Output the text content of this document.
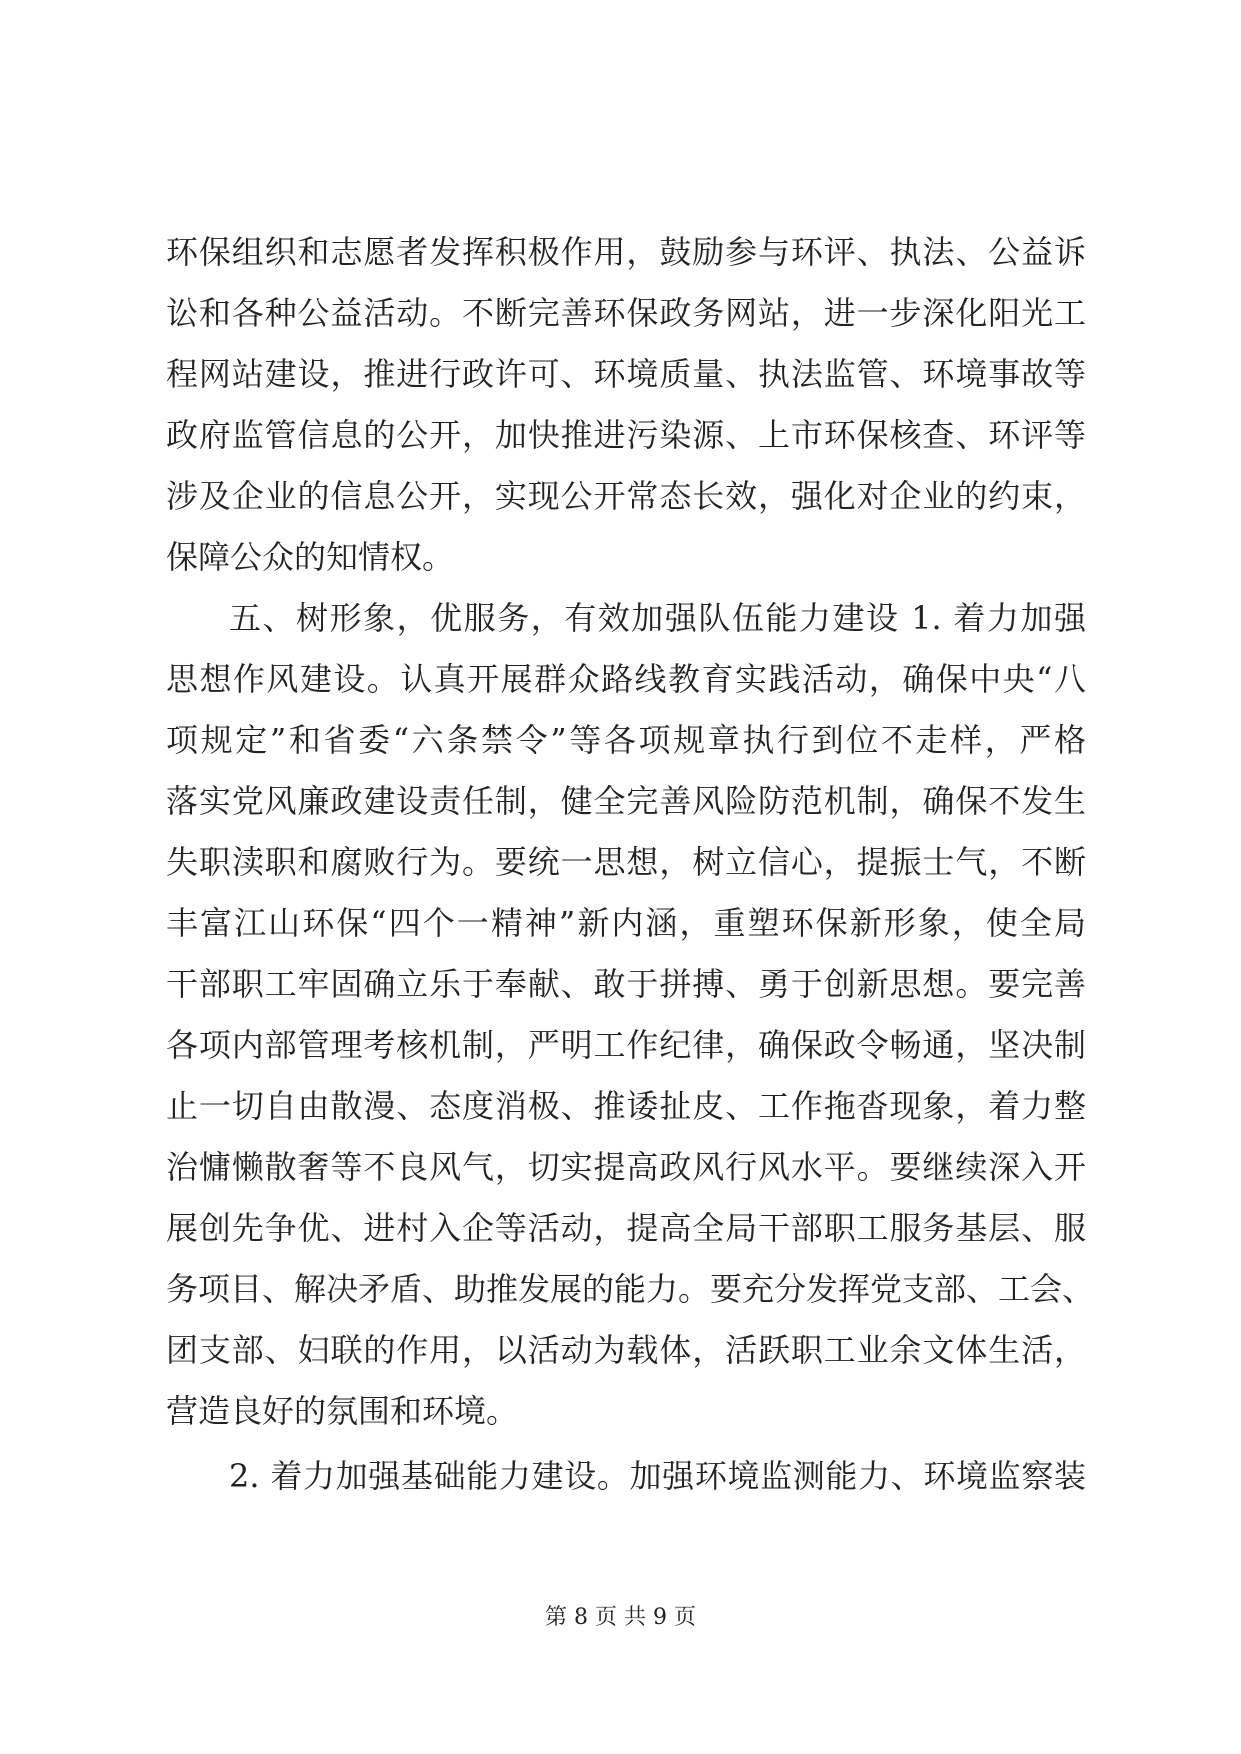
环保组织和志愿者发挥积极作用，鼓励参与环评、执法、公益诉
讼和各种公益活动。不断完善环保政务网站，进一步深化阳光工
程网站建设，推进行政许可、环境质量、执法监管、环境事故等
政府监管信息的公开，加快推进污染源、上市环保核查、环评等
涉及企业的信息公开，实现公开常态长效，强化对企业的约束，
保障公众的知情权。
五、树形象，优服务，有效加强队伍能力建设 1. 着力加强
思想作风建设。认真开展群众路线教育实践活动，确保中央“八
项规定”和省委“六条禁令”等各项规章执行到位不走样，严格
落实党风廉政建设责任制，健全完善风险防范机制，确保不发生
失职渎职和腐败行为。要统一思想，树立信心，提振士气，不断
丰富江山环保“四个一精神”新内涵，重塑环保新形象，使全局
干部职工牢固确立乐于奉献、敢于拼搏、勇于创新思想。要完善
各项内部管理考核机制，严明工作纪律，确保政令畅通，坚决制
止一切自由散漫、态度消极、推诿扯皮、工作拖沓现象，着力整
治慵懒散奢等不良风气，切实提高政风行风水平。要继续深入开
展创先争优、进村入企等活动，提高全局干部职工服务基层、服
务项目、解决矛盾、助推发展的能力。要充分发挥党支部、工会、
团支部、妇联的作用，以活动为载体，活跃职工业余文体生活，
营造良好的氛围和环境。
2. 着力加强基础能力建设。加强环境监测能力、环境监察装
第 8 页 共 9 页
